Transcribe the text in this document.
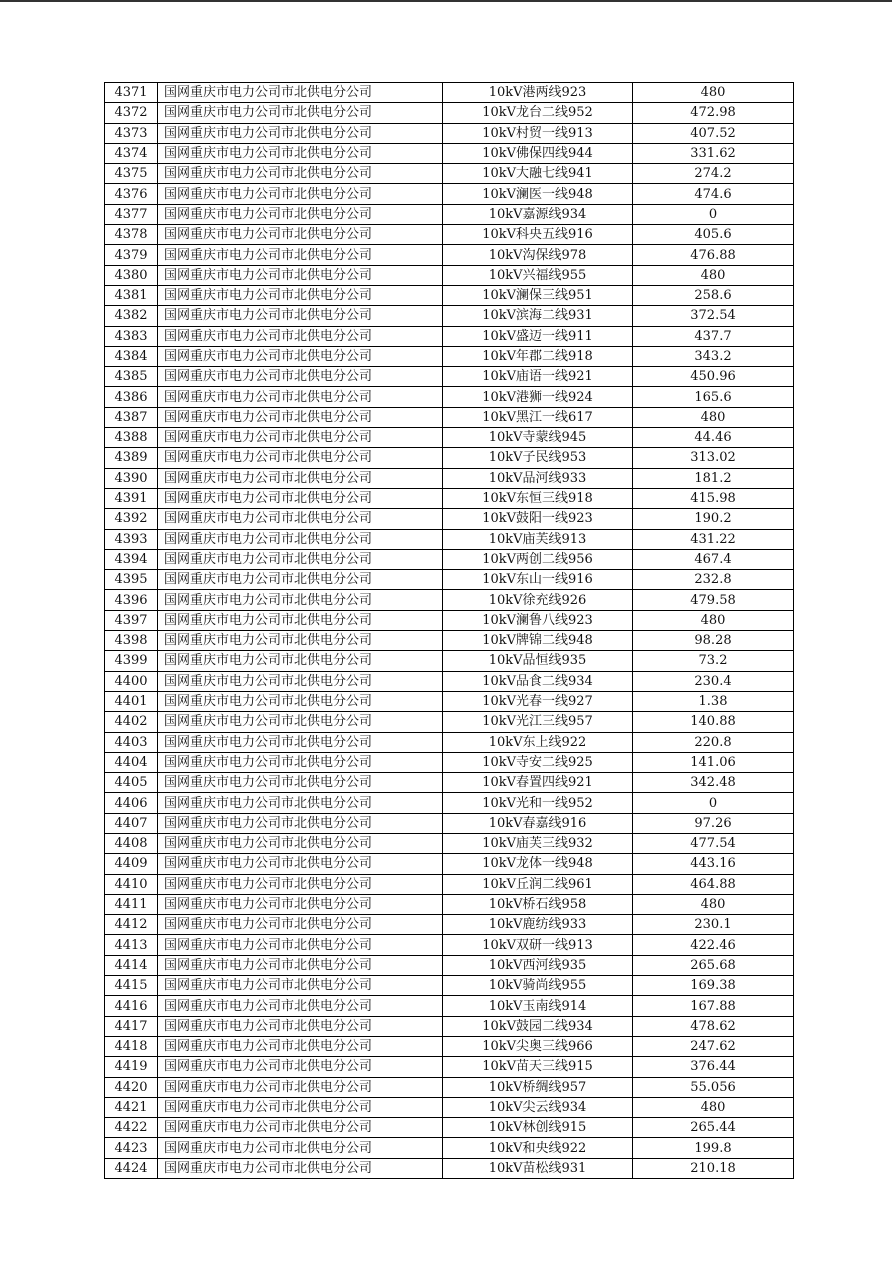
4371	国网重庆市电力公司市北供电分公司	10kV港两线923	480
4372	国网重庆市电力公司市北供电分公司	10kV龙台二线952	472.98
4373	国网重庆市电力公司市北供电分公司	10kV村贸一线913	407.52
4374	国网重庆市电力公司市北供电分公司	10kV佛保四线944	331.62
4375	国网重庆市电力公司市北供电分公司	10kV大融七线941	274.2
4376	国网重庆市电力公司市北供电分公司	10kV澜医一线948	474.6
4377	国网重庆市电力公司市北供电分公司	10kV嘉源线934	0
4378	国网重庆市电力公司市北供电分公司	10kV科央五线916	405.6
4379	国网重庆市电力公司市北供电分公司	10kV沟保线978	476.88
4380	国网重庆市电力公司市北供电分公司	10kV兴福线955	480
4381	国网重庆市电力公司市北供电分公司	10kV澜保三线951	258.6
4382	国网重庆市电力公司市北供电分公司	10kV滨海二线931	372.54
4383	国网重庆市电力公司市北供电分公司	10kV盛迈一线911	437.7
4384	国网重庆市电力公司市北供电分公司	10kV年郡二线918	343.2
4385	国网重庆市电力公司市北供电分公司	10kV庙语一线921	450.96
4386	国网重庆市电力公司市北供电分公司	10kV港狮一线924	165.6
4387	国网重庆市电力公司市北供电分公司	10kV黑江一线617	480
4388	国网重庆市电力公司市北供电分公司	10kV寺蒙线945	44.46
4389	国网重庆市电力公司市北供电分公司	10kV子民线953	313.02
4390	国网重庆市电力公司市北供电分公司	10kV品河线933	181.2
4391	国网重庆市电力公司市北供电分公司	10kV东恒三线918	415.98
4392	国网重庆市电力公司市北供电分公司	10kV鼓阳一线923	190.2
4393	国网重庆市电力公司市北供电分公司	10kV庙芙线913	431.22
4394	国网重庆市电力公司市北供电分公司	10kV两创二线956	467.4
4395	国网重庆市电力公司市北供电分公司	10kV东山一线916	232.8
4396	国网重庆市电力公司市北供电分公司	10kV徐充线926	479.58
4397	国网重庆市电力公司市北供电分公司	10kV澜鲁八线923	480
4398	国网重庆市电力公司市北供电分公司	10kV牌锦二线948	98.28
4399	国网重庆市电力公司市北供电分公司	10kV品恒线935	73.2
4400	国网重庆市电力公司市北供电分公司	10kV品食二线934	230.4
4401	国网重庆市电力公司市北供电分公司	10kV光春一线927	1.38
4402	国网重庆市电力公司市北供电分公司	10kV光江三线957	140.88
4403	国网重庆市电力公司市北供电分公司	10kV东上线922	220.8
4404	国网重庆市电力公司市北供电分公司	10kV寺安二线925	141.06
4405	国网重庆市电力公司市北供电分公司	10kV春置四线921	342.48
4406	国网重庆市电力公司市北供电分公司	10kV光和一线952	0
4407	国网重庆市电力公司市北供电分公司	10kV春嘉线916	97.26
4408	国网重庆市电力公司市北供电分公司	10kV庙芙三线932	477.54
4409	国网重庆市电力公司市北供电分公司	10kV龙体一线948	443.16
4410	国网重庆市电力公司市北供电分公司	10kV丘润二线961	464.88
4411	国网重庆市电力公司市北供电分公司	10kV桥石线958	480
4412	国网重庆市电力公司市北供电分公司	10kV鹿纺线933	230.1
4413	国网重庆市电力公司市北供电分公司	10kV双研一线913	422.46
4414	国网重庆市电力公司市北供电分公司	10kV西河线935	265.68
4415	国网重庆市电力公司市北供电分公司	10kV骑尚线955	169.38
4416	国网重庆市电力公司市北供电分公司	10kV玉南线914	167.88
4417	国网重庆市电力公司市北供电分公司	10kV鼓园二线934	478.62
4418	国网重庆市电力公司市北供电分公司	10kV尖奥三线966	247.62
4419	国网重庆市电力公司市北供电分公司	10kV苗天三线915	376.44
4420	国网重庆市电力公司市北供电分公司	10kV桥绸线957	55.056
4421	国网重庆市电力公司市北供电分公司	10kV尖云线934	480
4422	国网重庆市电力公司市北供电分公司	10kV林创线915	265.44
4423	国网重庆市电力公司市北供电分公司	10kV和央线922	199.8
4424	国网重庆市电力公司市北供电分公司	10kV苗松线931	210.18
